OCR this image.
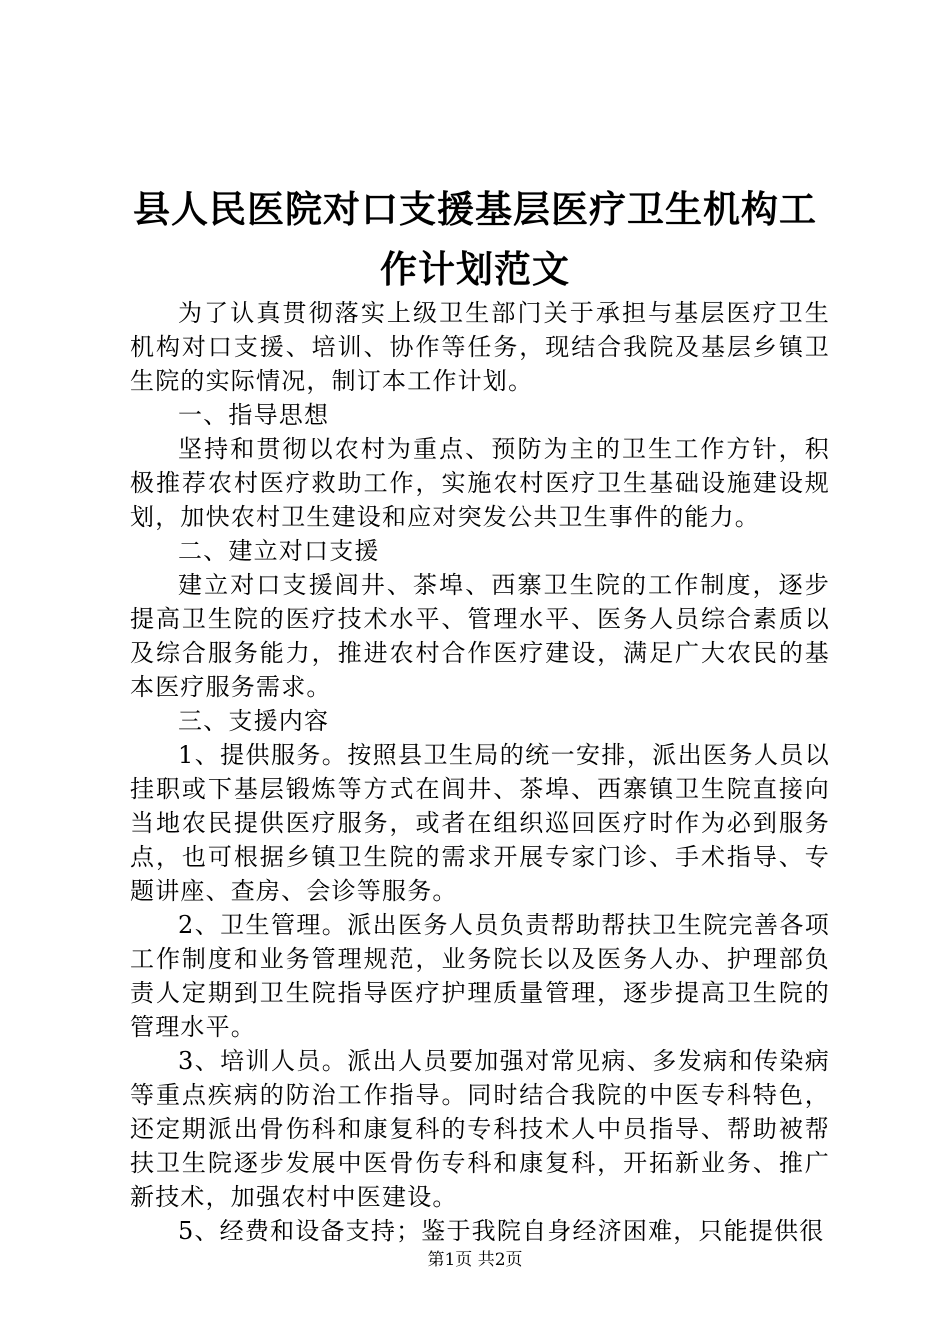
县人民医院对口支援基层医疗卫生机构工作计划范文

为了认真贯彻落实上级卫生部门关于承担与基层医疗卫生机构对口支援、培训、协作等任务，现结合我院及基层乡镇卫生院的实际情况，制订本工作计划。

一、指导思想

坚持和贯彻以农村为重点、预防为主的卫生工作方针，积极推荐农村医疗救助工作，实施农村医疗卫生基础设施建设规划，加快农村卫生建设和应对突发公共卫生事件的能力。

二、建立对口支援

建立对口支援闾井、茶埠、西寨卫生院的工作制度，逐步提高卫生院的医疗技术水平、管理水平、医务人员综合素质以及综合服务能力，推进农村合作医疗建设，满足广大农民的基本医疗服务需求。

三、支援内容

1、提供服务。按照县卫生局的统一安排，派出医务人员以挂职或下基层锻炼等方式在闾井、茶埠、西寨镇卫生院直接向当地农民提供医疗服务，或者在组织巡回医疗时作为必到服务点，也可根据乡镇卫生院的需求开展专家门诊、手术指导、专题讲座、查房、会诊等服务。

2、卫生管理。派出医务人员负责帮助帮扶卫生院完善各项工作制度和业务管理规范，业务院长以及医务人办、护理部负责人定期到卫生院指导医疗护理质量管理，逐步提高卫生院的管理水平。

3、培训人员。派出人员要加强对常见病、多发病和传染病等重点疾病的防治工作指导。同时结合我院的中医专科特色，还定期派出骨伤科和康复科的专科技术人中员指导、帮助被帮扶卫生院逐步发展中医骨伤专科和康复科，开拓新业务、推广新技术，加强农村中医建设。

5、经费和设备支持；鉴于我院自身经济困难，只能提供很

第1页 共2页
